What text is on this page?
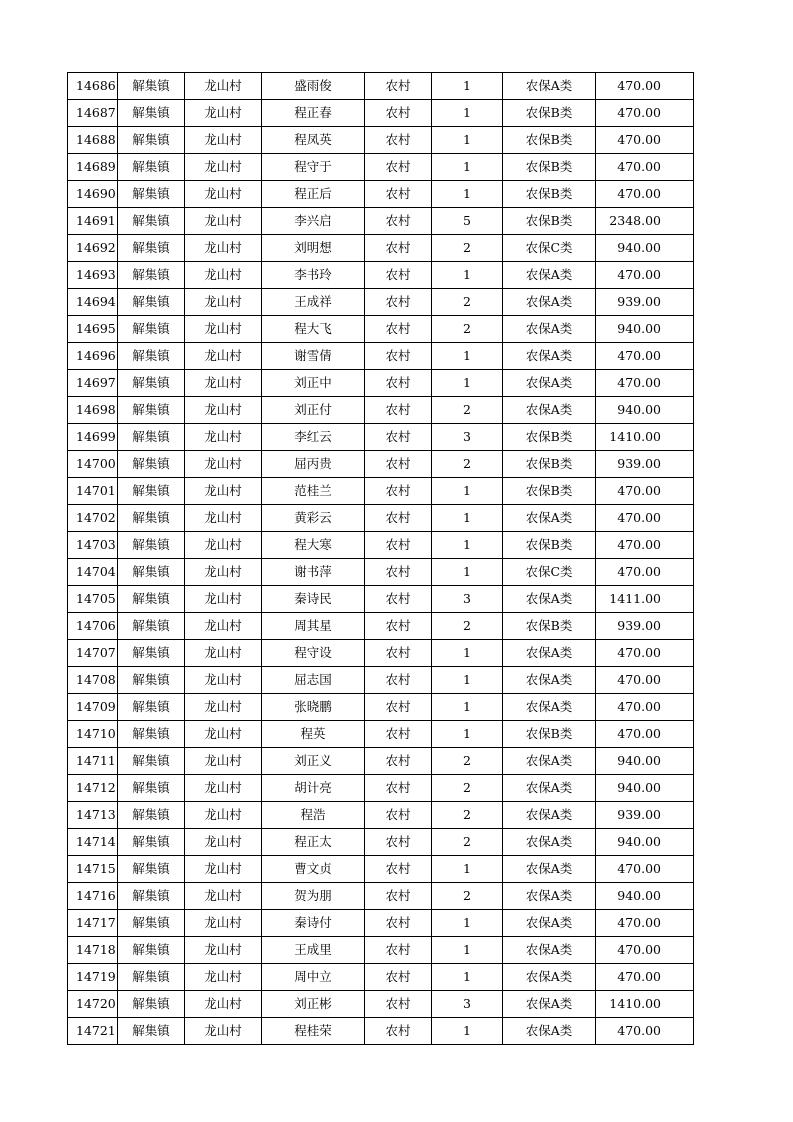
14686	解集镇	龙山村	盛雨俊	农村	1	农保A类	470.00
14687	解集镇	龙山村	程正春	农村	1	农保B类	470.00
14688	解集镇	龙山村	程凤英	农村	1	农保B类	470.00
14689	解集镇	龙山村	程守于	农村	1	农保B类	470.00
14690	解集镇	龙山村	程正后	农村	1	农保B类	470.00
14691	解集镇	龙山村	李兴启	农村	5	农保B类	2348.00
14692	解集镇	龙山村	刘明想	农村	2	农保C类	940.00
14693	解集镇	龙山村	李书玲	农村	1	农保A类	470.00
14694	解集镇	龙山村	王成祥	农村	2	农保A类	939.00
14695	解集镇	龙山村	程大飞	农村	2	农保A类	940.00
14696	解集镇	龙山村	谢雪倩	农村	1	农保A类	470.00
14697	解集镇	龙山村	刘正中	农村	1	农保A类	470.00
14698	解集镇	龙山村	刘正付	农村	2	农保A类	940.00
14699	解集镇	龙山村	李红云	农村	3	农保B类	1410.00
14700	解集镇	龙山村	屈丙贵	农村	2	农保B类	939.00
14701	解集镇	龙山村	范桂兰	农村	1	农保B类	470.00
14702	解集镇	龙山村	黄彩云	农村	1	农保A类	470.00
14703	解集镇	龙山村	程大寒	农村	1	农保B类	470.00
14704	解集镇	龙山村	谢书萍	农村	1	农保C类	470.00
14705	解集镇	龙山村	秦诗民	农村	3	农保A类	1411.00
14706	解集镇	龙山村	周其星	农村	2	农保B类	939.00
14707	解集镇	龙山村	程守设	农村	1	农保A类	470.00
14708	解集镇	龙山村	屈志国	农村	1	农保A类	470.00
14709	解集镇	龙山村	张晓鹏	农村	1	农保A类	470.00
14710	解集镇	龙山村	程英	农村	1	农保B类	470.00
14711	解集镇	龙山村	刘正义	农村	2	农保A类	940.00
14712	解集镇	龙山村	胡计亮	农村	2	农保A类	940.00
14713	解集镇	龙山村	程浩	农村	2	农保A类	939.00
14714	解集镇	龙山村	程正太	农村	2	农保A类	940.00
14715	解集镇	龙山村	曹文贞	农村	1	农保A类	470.00
14716	解集镇	龙山村	贺为朋	农村	2	农保A类	940.00
14717	解集镇	龙山村	秦诗付	农村	1	农保A类	470.00
14718	解集镇	龙山村	王成里	农村	1	农保A类	470.00
14719	解集镇	龙山村	周中立	农村	1	农保A类	470.00
14720	解集镇	龙山村	刘正彬	农村	3	农保A类	1410.00
14721	解集镇	龙山村	程桂荣	农村	1	农保A类	470.00
